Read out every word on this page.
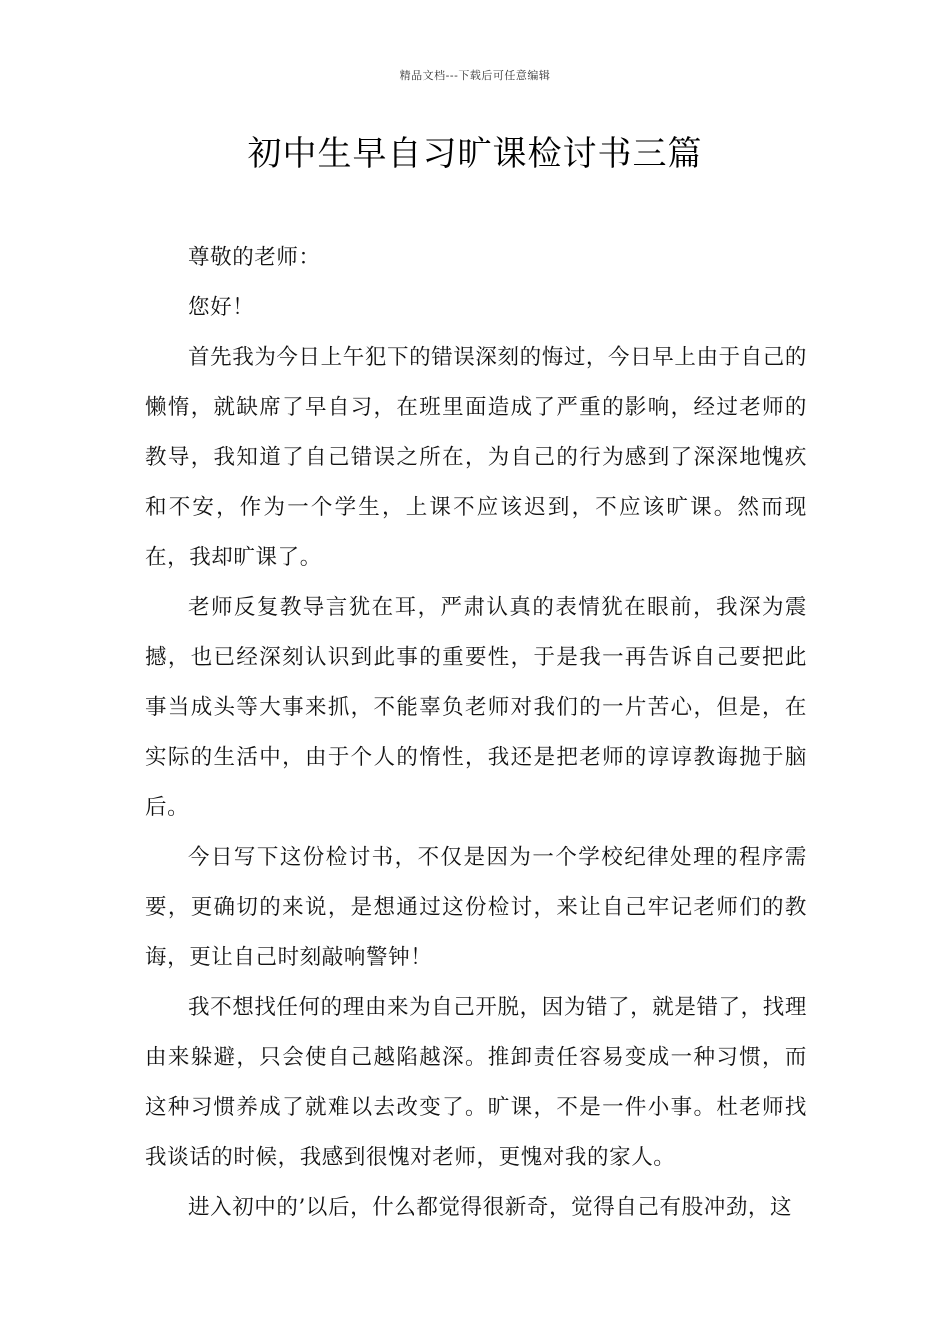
精品文档---下载后可任意编辑
初中生早自习旷课检讨书三篇

尊敬的老师：

您好！

首先我为今日上午犯下的错误深刻的悔过，今日早上由于自己的懒惰，就缺席了早自习，在班里面造成了严重的影响，经过老师的教导，我知道了自己错误之所在，为自己的行为感到了深深地愧疚和不安，作为一个学生，上课不应该迟到，不应该旷课。然而现在，我却旷课了。

老师反复教导言犹在耳，严肃认真的表情犹在眼前，我深为震撼，也已经深刻认识到此事的重要性，于是我一再告诉自己要把此事当成头等大事来抓，不能辜负老师对我们的一片苦心，但是，在实际的生活中，由于个人的惰性，我还是把老师的谆谆教诲抛于脑后。

今日写下这份检讨书，不仅是因为一个学校纪律处理的程序需要，更确切的来说，是想通过这份检讨，来让自己牢记老师们的教诲，更让自己时刻敲响警钟！

我不想找任何的理由来为自己开脱，因为错了，就是错了，找理由来躲避，只会使自己越陷越深。推卸责任容易变成一种习惯，而这种习惯养成了就难以去改变了。旷课，不是一件小事。杜老师找我谈话的时候，我感到很愧对老师，更愧对我的家人。

进入初中的’以后，什么都觉得很新奇，觉得自己有股冲劲，这
